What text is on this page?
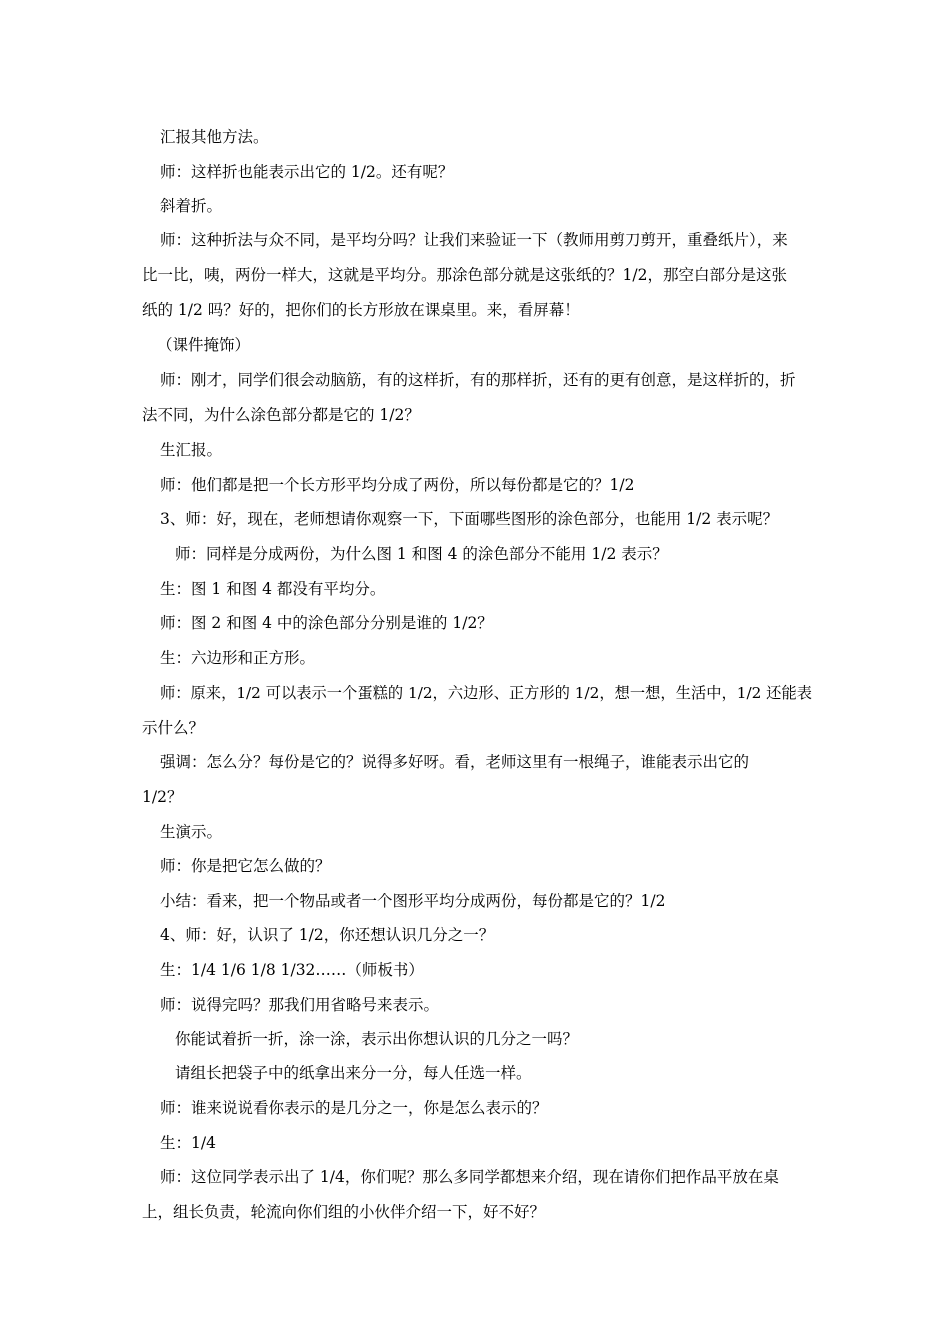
汇报其他方法。
师：这样折也能表示出它的 1/2。还有呢？
斜着折。
师：这种折法与众不同，是平均分吗？让我们来验证一下（教师用剪刀剪开，重叠纸片），来
比一比，咦，两份一样大，这就是平均分。那涂色部分就是这张纸的？1/2，那空白部分是这张
纸的 1/2 吗？好的，把你们的长方形放在课桌里。来，看屏幕！
（课件掩饰）
师：刚才，同学们很会动脑筋，有的这样折，有的那样折，还有的更有创意，是这样折的，折
法不同，为什么涂色部分都是它的 1/2？
生汇报。
师：他们都是把一个长方形平均分成了两份，所以每份都是它的？1/2
3、师：好，现在，老师想请你观察一下，下面哪些图形的涂色部分，也能用 1/2 表示呢？
师：同样是分成两份，为什么图 1 和图 4 的涂色部分不能用 1/2 表示？
生：图 1 和图 4 都没有平均分。
师：图 2 和图 4 中的涂色部分分别是谁的 1/2？
生：六边形和正方形。
师：原来，1/2 可以表示一个蛋糕的 1/2，六边形、正方形的 1/2，想一想，生活中，1/2 还能表
示什么？
强调：怎么分？每份是它的？说得多好呀。看，老师这里有一根绳子，谁能表示出它的
1/2？
生演示。
师：你是把它怎么做的？
小结：看来，把一个物品或者一个图形平均分成两份，每份都是它的？1/2
4、师：好，认识了 1/2，你还想认识几分之一？
生：1/4 1/6 1/8 1/32……（师板书）
师：说得完吗？那我们用省略号来表示。
你能试着折一折，涂一涂，表示出你想认识的几分之一吗？
请组长把袋子中的纸拿出来分一分，每人任选一样。
师：谁来说说看你表示的是几分之一，你是怎么表示的？
生：1/4
师：这位同学表示出了 1/4，你们呢？那么多同学都想来介绍，现在请你们把作品平放在桌
上，组长负责，轮流向你们组的小伙伴介绍一下，好不好？
